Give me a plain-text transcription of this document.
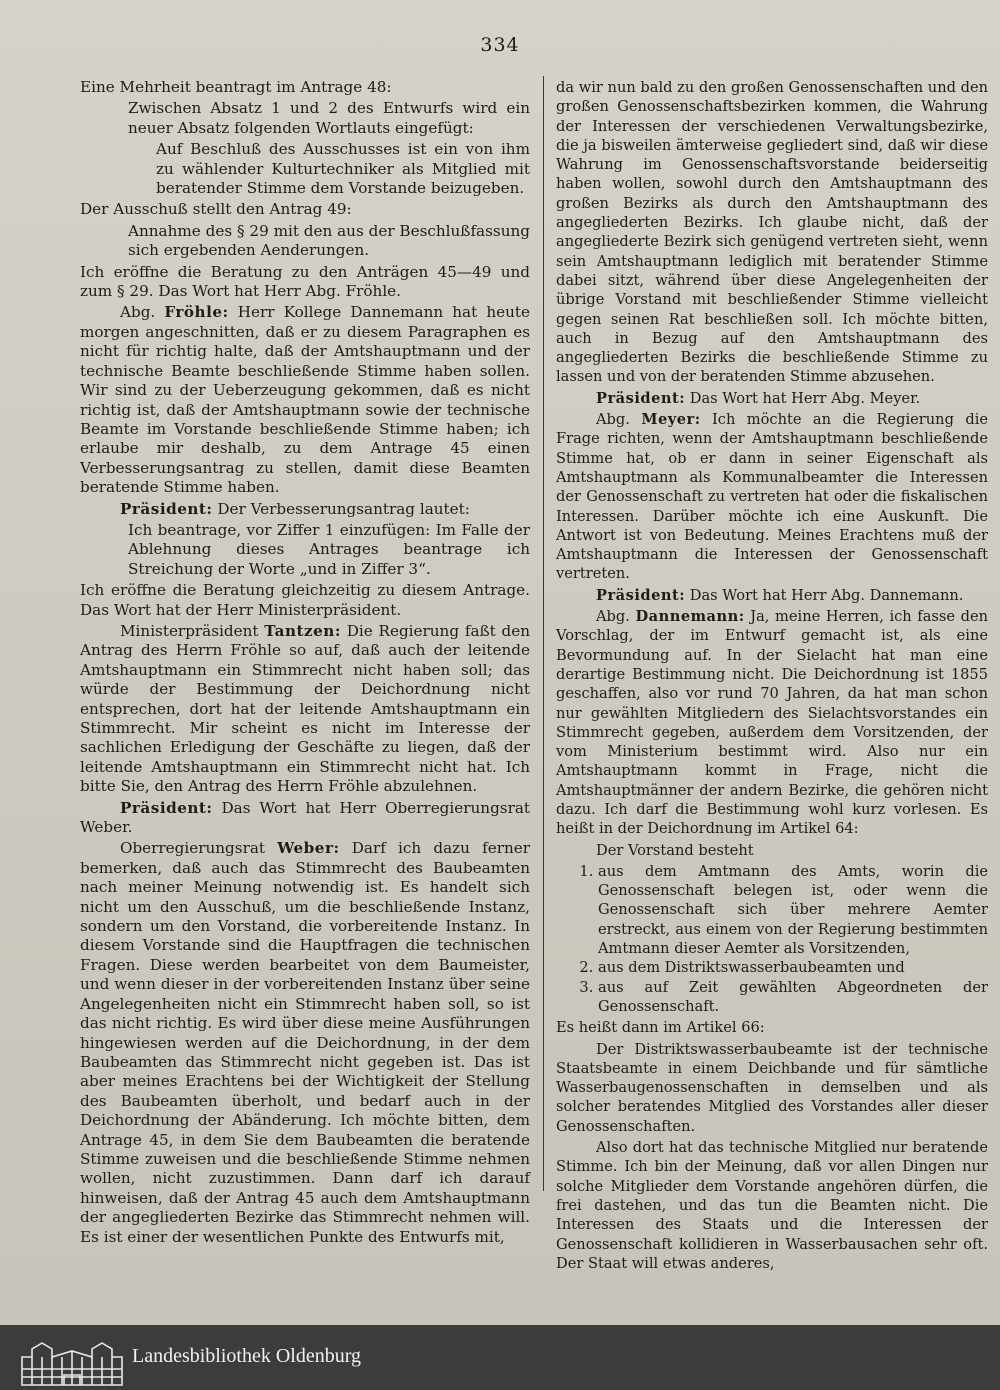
334

Eine Mehrheit beantragt im Antrage 48:

Zwischen Absatz 1 und 2 des Entwurfs wird ein neuer Absatz folgenden Wortlauts eingefügt:

Auf Beschluß des Ausschusses ist ein von ihm zu wählender Kulturtechniker als Mitglied mit beratender Stimme dem Vorstande beizugeben.

Der Ausschuß stellt den Antrag 49:

Annahme des § 29 mit den aus der Beschlußfassung sich ergebenden Aenderungen.

Ich eröffne die Beratung zu den Anträgen 45—49 und zum § 29. Das Wort hat Herr Abg. Fröhle.

Abg. Fröhle: Herr Kollege Dannemann hat heute morgen angeschnitten, daß er zu diesem Paragraphen es nicht für richtig halte, daß der Amtshauptmann und der technische Beamte beschließende Stimme haben sollen. Wir sind zu der Ueberzeugung gekommen, daß es nicht richtig ist, daß der Amtshauptmann sowie der technische Beamte im Vorstande beschließende Stimme haben; ich erlaube mir deshalb, zu dem Antrage 45 einen Verbesserungsantrag zu stellen, damit diese Beamten beratende Stimme haben.

Präsident: Der Verbesserungsantrag lautet:

Ich beantrage, vor Ziffer 1 einzufügen: Im Falle der Ablehnung dieses Antrages beantrage ich Streichung der Worte „und in Ziffer 3“.

Ich eröffne die Beratung gleichzeitig zu diesem Antrage. Das Wort hat der Herr Ministerpräsident.

Ministerpräsident Tantzen: Die Regierung faßt den Antrag des Herrn Fröhle so auf, daß auch der leitende Amtshauptmann ein Stimmrecht nicht haben soll; das würde der Bestimmung der Deichordnung nicht entsprechen, dort hat der leitende Amtshauptmann ein Stimmrecht. Mir scheint es nicht im Interesse der sachlichen Erledigung der Geschäfte zu liegen, daß der leitende Amtshauptmann ein Stimmrecht nicht hat. Ich bitte Sie, den Antrag des Herrn Fröhle abzulehnen.

Präsident: Das Wort hat Herr Oberregierungsrat Weber.

Oberregierungsrat Weber: Darf ich dazu ferner bemerken, daß auch das Stimmrecht des Baubeamten nach meiner Meinung notwendig ist. Es handelt sich nicht um den Ausschuß, um die beschließende Instanz, sondern um den Vorstand, die vorbereitende Instanz. In diesem Vorstande sind die Hauptfragen die technischen Fragen. Diese werden bearbeitet von dem Baumeister, und wenn dieser in der vorbereitenden Instanz über seine Angelegenheiten nicht ein Stimmrecht haben soll, so ist das nicht richtig. Es wird über diese meine Ausführungen hingewiesen werden auf die Deichordnung, in der dem Baubeamten das Stimmrecht nicht gegeben ist. Das ist aber meines Erachtens bei der Wichtigkeit der Stellung des Baubeamten überholt, und bedarf auch in der Deichordnung der Abänderung. Ich möchte bitten, dem Antrage 45, in dem Sie dem Baubeamten die beratende Stimme zuweisen und die beschließende Stimme nehmen wollen, nicht zuzustimmen. Dann darf ich darauf hinweisen, daß der Antrag 45 auch dem Amtshauptmann der angegliederten Bezirke das Stimmrecht nehmen will. Es ist einer der wesentlichen Punkte des Entwurfs mit,

da wir nun bald zu den großen Genossenschaften und den großen Genossenschaftsbezirken kommen, die Wahrung der Interessen der verschiedenen Verwaltungsbezirke, die ja bisweilen ämterweise gegliedert sind, daß wir diese Wahrung im Genossenschaftsvorstande beiderseitig haben wollen, sowohl durch den Amtshauptmann des großen Bezirks als durch den Amtshauptmann des angegliederten Bezirks. Ich glaube nicht, daß der angegliederte Bezirk sich genügend vertreten sieht, wenn sein Amtshauptmann lediglich mit beratender Stimme dabei sitzt, während über diese Angelegenheiten der übrige Vorstand mit beschließender Stimme vielleicht gegen seinen Rat beschließen soll. Ich möchte bitten, auch in Bezug auf den Amtshauptmann des angegliederten Bezirks die beschließende Stimme zu lassen und von der beratenden Stimme abzusehen.

Präsident: Das Wort hat Herr Abg. Meyer.

Abg. Meyer: Ich möchte an die Regierung die Frage richten, wenn der Amtshauptmann beschließende Stimme hat, ob er dann in seiner Eigenschaft als Amtshauptmann als Kommunalbeamter die Interessen der Genossenschaft zu vertreten hat oder die fiskalischen Interessen. Darüber möchte ich eine Auskunft. Die Antwort ist von Bedeutung. Meines Erachtens muß der Amtshauptmann die Interessen der Genossenschaft vertreten.

Präsident: Das Wort hat Herr Abg. Dannemann.

Abg. Dannemann: Ja, meine Herren, ich fasse den Vorschlag, der im Entwurf gemacht ist, als eine Bevormundung auf. In der Sielacht hat man eine derartige Bestimmung nicht. Die Deichordnung ist 1855 geschaffen, also vor rund 70 Jahren, da hat man schon nur gewählten Mitgliedern des Sielachtsvorstandes ein Stimmrecht gegeben, außerdem dem Vorsitzenden, der vom Ministerium bestimmt wird. Also nur ein Amtshauptmann kommt in Frage, nicht die Amtshauptmänner der andern Bezirke, die gehören nicht dazu. Ich darf die Bestimmung wohl kurz vorlesen. Es heißt in der Deichordnung im Artikel 64:

Der Vorstand besteht

1. aus dem Amtmann des Amts, worin die Genossenschaft belegen ist, oder wenn die Genossenschaft sich über mehrere Aemter erstreckt, aus einem von der Regierung bestimmten Amtmann dieser Aemter als Vorsitzenden,
2. aus dem Distriktswasserbaubeamten und
3. aus auf Zeit gewählten Abgeordneten der Genossenschaft.

Es heißt dann im Artikel 66:

Der Distriktswasserbaubeamte ist der technische Staatsbeamte in einem Deichbande und für sämtliche Wasserbaugenossenschaften in demselben und als solcher beratendes Mitglied des Vorstandes aller dieser Genossenschaften.

Also dort hat das technische Mitglied nur beratende Stimme. Ich bin der Meinung, daß vor allen Dingen nur solche Mitglieder dem Vorstande angehören dürfen, die frei dastehen, und das tun die Beamten nicht. Die Interessen des Staats und die Interessen der Genossenschaft kollidieren in Wasserbausachen sehr oft. Der Staat will etwas anderes,

Landesbibliothek Oldenburg
